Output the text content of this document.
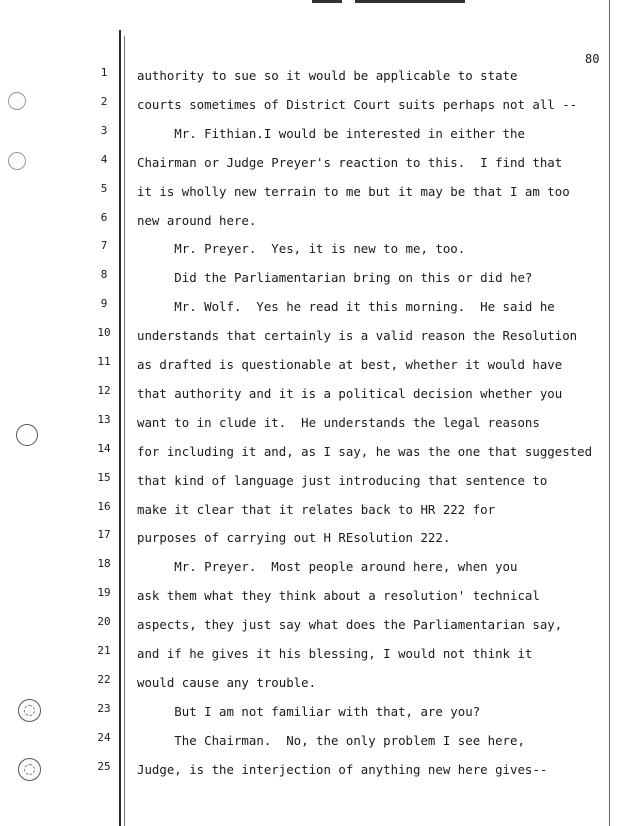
80
1
2
3
4
5
6
7
8
9
10
11
12
13
14
15
16
17
18
19
20
21
22
23
24
25
authority to sue so it would be applicable to state
courts sometimes of District Court suits perhaps not all --
Mr. Fithian.I would be interested in either the
Chairman or Judge Preyer's reaction to this.  I find that
it is wholly new terrain to me but it may be that I am too
new around here.
Mr. Preyer.  Yes, it is new to me, too.
Did the Parliamentarian bring on this or did he?
Mr. Wolf.  Yes he read it this morning.  He said he
understands that certainly is a valid reason the Resolution
as drafted is questionable at best, whether it would have
that authority and it is a political decision whether you
want to in clude it.  He understands the legal reasons
for including it and, as I say, he was the one that suggested
that kind of language just introducing that sentence to
make it clear that it relates back to HR 222 for
purposes of carrying out H REsolution 222.
Mr. Preyer.  Most people around here, when you
ask them what they think about a resolution' technical
aspects, they just say what does the Parliamentarian say,
and if he gives it his blessing, I would not think it
would cause any trouble.
But I am not familiar with that, are you?
The Chairman.  No, the only problem I see here,
Judge, is the interjection of anything new here gives--
